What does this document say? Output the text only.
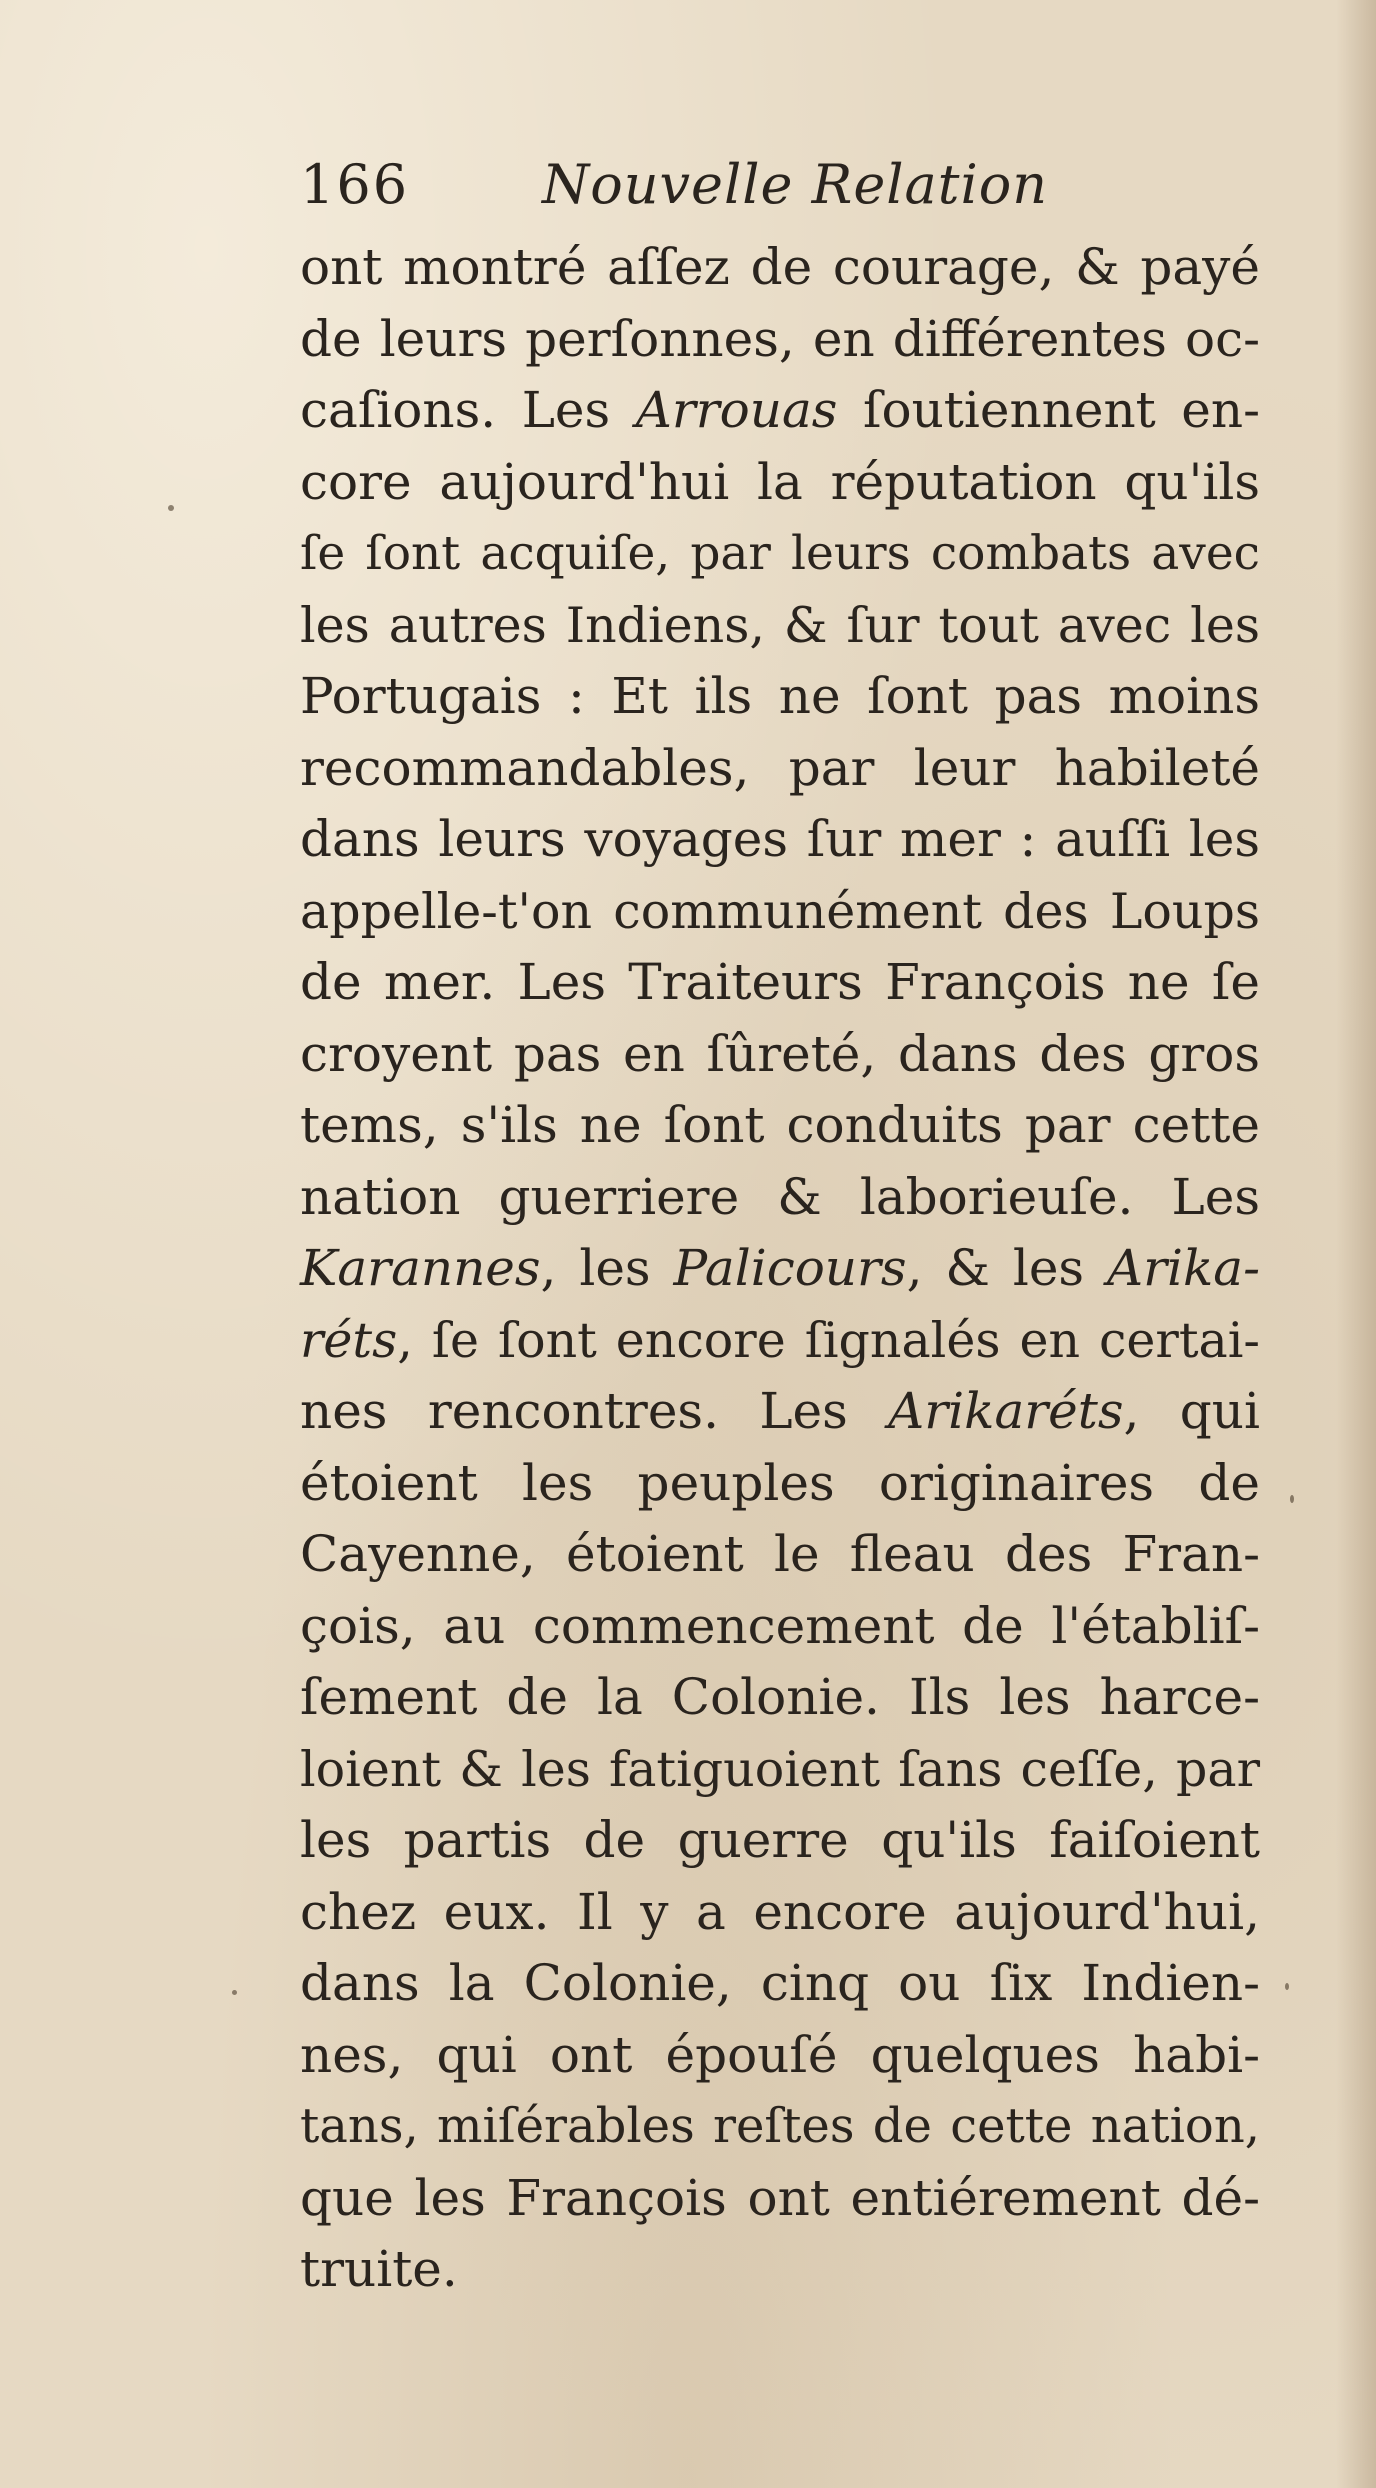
166 Nouvelle Relation
ont montré aſſez de courage, & payé
de leurs perſonnes, en différentes oc-
caſions. Les Arrouas ſoutiennent en-
core aujourd'hui la réputation qu'ils
ſe ſont acquiſe, par leurs combats avec
les autres Indiens, & ſur tout avec les
Portugais : Et ils ne ſont pas moins
recommandables, par leur habileté
dans leurs voyages ſur mer : auſſi les
appelle-t'on communément des Loups
de mer. Les Traiteurs François ne ſe
croyent pas en ſûreté, dans des gros
tems, s'ils ne ſont conduits par cette
nation guerriere & laborieuſe. Les
Karannes, les Palicours, & les Arika-
réts, ſe ſont encore ſignalés en certai-
nes rencontres. Les Arikaréts, qui
étoient les peuples originaires de
Cayenne, étoient le fleau des Fran-
çois, au commencement de l'établiſ-
ſement de la Colonie. Ils les harce-
loient & les fatiguoient ſans ceſſe, par
les partis de guerre qu'ils faiſoient
chez eux. Il y a encore aujourd'hui,
dans la Colonie, cinq ou ſix Indien-
nes, qui ont épouſé quelques habi-
tans, miſérables reſtes de cette nation,
que les François ont entiérement dé-
truite.
